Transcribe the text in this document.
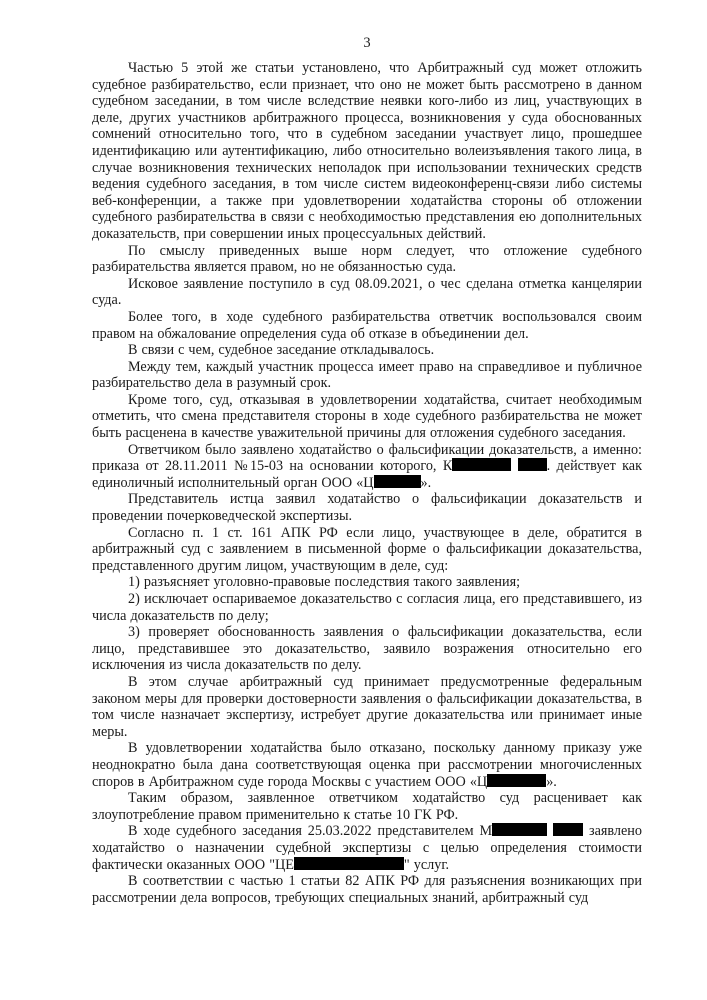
3

Частью 5 этой же статьи установлено, что Арбитражный суд может отложить судебное разбирательство, если признает, что оно не может быть рассмотрено в данном судебном заседании, в том числе вследствие неявки кого-либо из лиц, участвующих в деле, других участников арбитражного процесса, возникновения у суда обоснованных сомнений относительно того, что в судебном заседании участвует лицо, прошедшее идентификацию или аутентификацию, либо относительно волеизъявления такого лица, в случае возникновения технических неполадок при использовании технических средств ведения судебного заседания, в том числе систем видеоконференц-связи либо системы веб-конференции, а также при удовлетворении ходатайства стороны об отложении судебного разбирательства в связи с необходимостью представления ею дополнительных доказательств, при совершении иных процессуальных действий.

По смыслу приведенных выше норм следует, что отложение судебного разбирательства является правом, но не обязанностью суда.

Исковое заявление поступило в суд 08.09.2021, о чес сделана отметка канцелярии суда.

Более того, в ходе судебного разбирательства ответчик воспользовался своим правом на обжалование определения суда об отказе в объединении дел.

В связи с чем, судебное заседание откладывалось.

Между тем, каждый участник процесса имеет право на справедливое и публичное разбирательство дела в разумный срок.

Кроме того, суд, отказывая в удовлетворении ходатайства, считает необходимым отметить, что смена представителя стороны в ходе судебного разбирательства не может быть расценена в качестве уважительной причины для отложения судебного заседания.

Ответчиком было заявлено ходатайство о фальсификации доказательств, а именно: приказа от 28.11.2011 №15-03 на основании которого, К	. действует как единоличный исполнительный орган ООО «Ц	».

Представитель истца заявил ходатайство о фальсификации доказательств и проведении почерковедческой экспертизы.

Согласно п. 1 ст. 161 АПК РФ если лицо, участвующее в деле, обратится в арбитражный суд с заявлением в письменной форме о фальсификации доказательства, представленного другим лицом, участвующим в деле, суд:

1) разъясняет уголовно-правовые последствия такого заявления;

2) исключает оспариваемое доказательство с согласия лица, его представившего, из числа доказательств по делу;

3) проверяет обоснованность заявления о фальсификации доказательства, если лицо, представившее это доказательство, заявило возражения относительно его исключения из числа доказательств по делу.

В этом случае арбитражный суд принимает предусмотренные федеральным законом меры для проверки достоверности заявления о фальсификации доказательства, в том числе назначает экспертизу, истребует другие доказательства или принимает иные меры.

В удовлетворении ходатайства было отказано, поскольку данному приказу уже неоднократно была дана соответствующая оценка при рассмотрении многочисленных споров в Арбитражном суде города Москвы с участием ООО «Ц	».

Таким образом, заявленное ответчиком ходатайство суд расценивает как злоупотребление правом применительно к статье 10 ГК РФ.

В ходе судебного заседания 25.03.2022 представителем М	заявлено ходатайство о назначении судебной экспертизы с целью определения стоимости фактически оказанных ООО "ЦЕ	" услуг.

В соответствии с частью 1 статьи 82 АПК РФ для разъяснения возникающих при рассмотрении дела вопросов, требующих специальных знаний, арбитражный суд
